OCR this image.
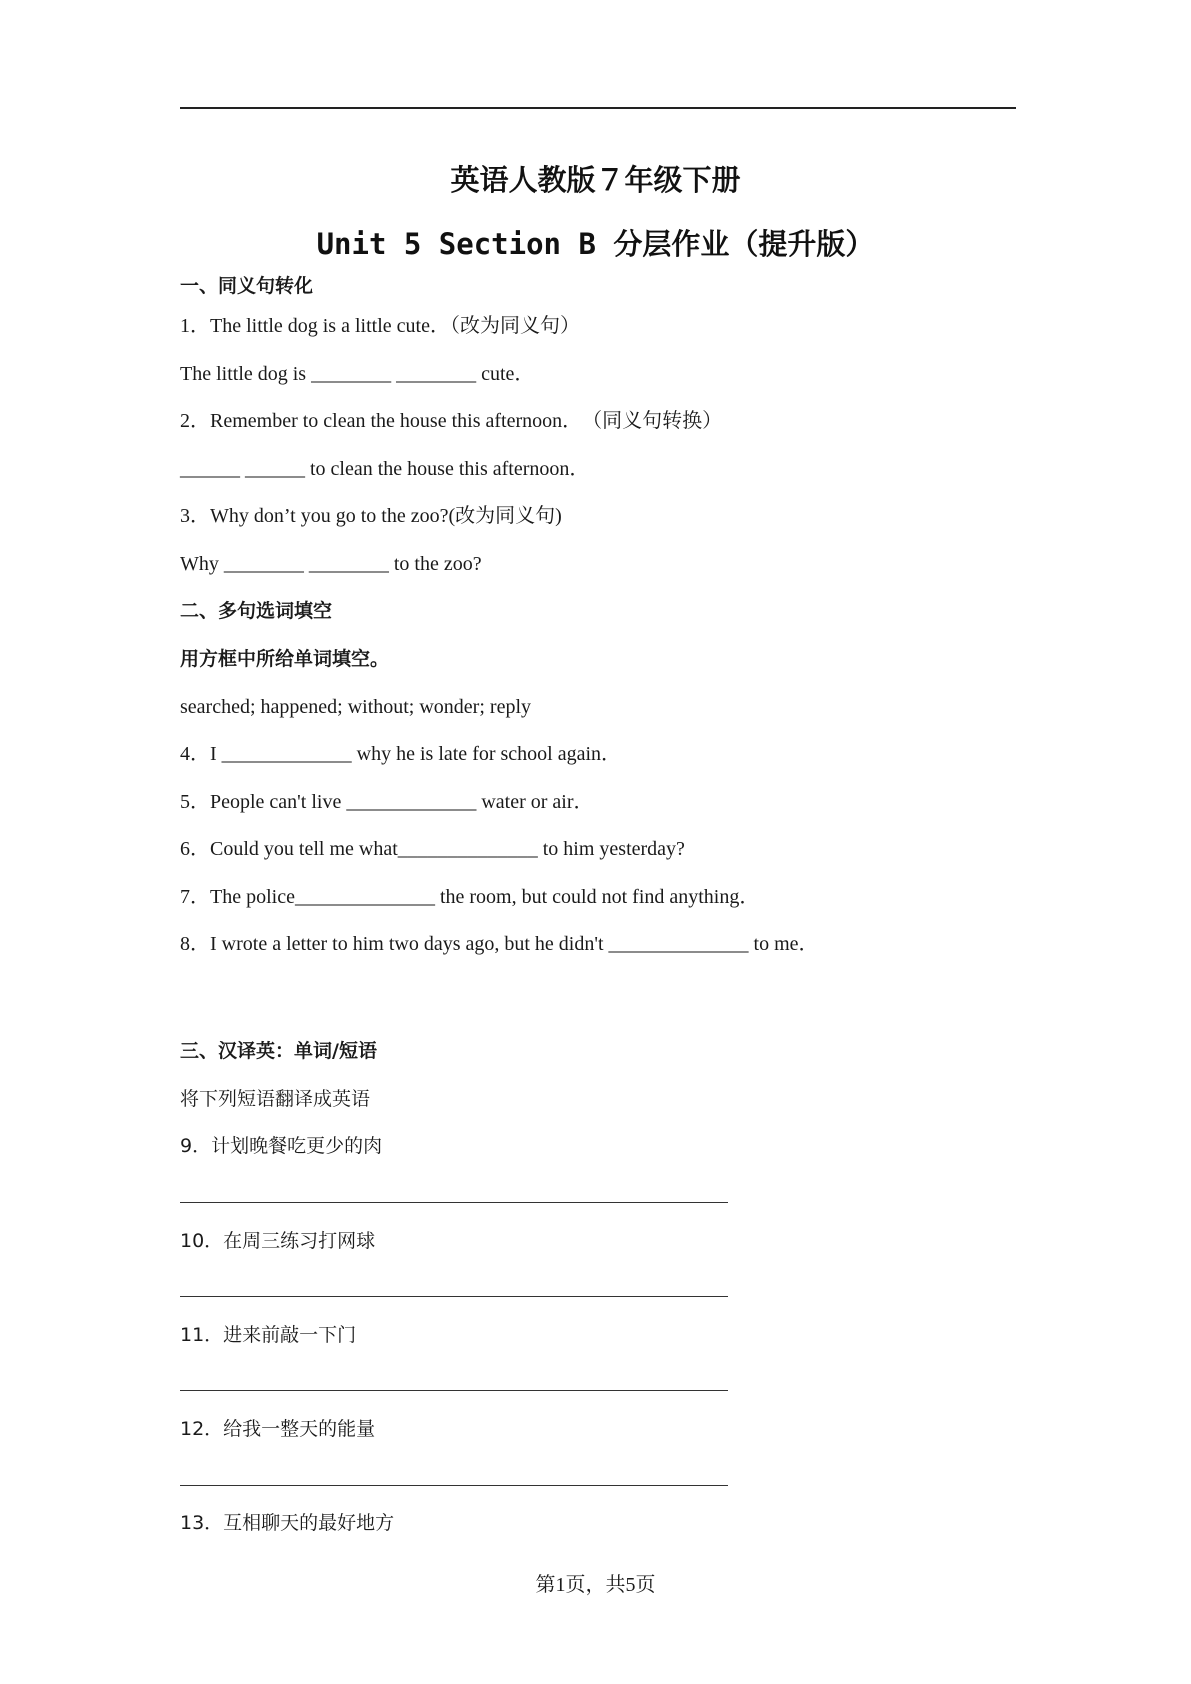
英语人教版７年级下册
Unit 5 Section B 分层作业（提升版）
一、同义句转化
1．The little dog is a little cute．（改为同义句）
The little dog is ________ ________ cute．
2．Remember to clean the house this afternoon．　（同义句转换）
______ ______ to clean the house this afternoon．
3．Why don’t you go to the zoo?(改为同义句)
Why ________ ________ to the zoo?
二、多句选词填空
用方框中所给单词填空。
searched; happened; without; wonder; reply
4．I _____________ why he is late for school again．
5．People can't live _____________ water or air．
6．Could you tell me what______________ to him yesterday?
7．The police______________ the room, but could not find anything．
8．I wrote a letter to him two days ago, but he didn't ______________ to me．
三、汉译英：单词/短语
将下列短语翻译成英语
9．计划晚餐吃更少的肉
10．在周三练习打网球
11．进来前敲一下门
12．给我一整天的能量
13．互相聊天的最好地方
第1页，共5页
